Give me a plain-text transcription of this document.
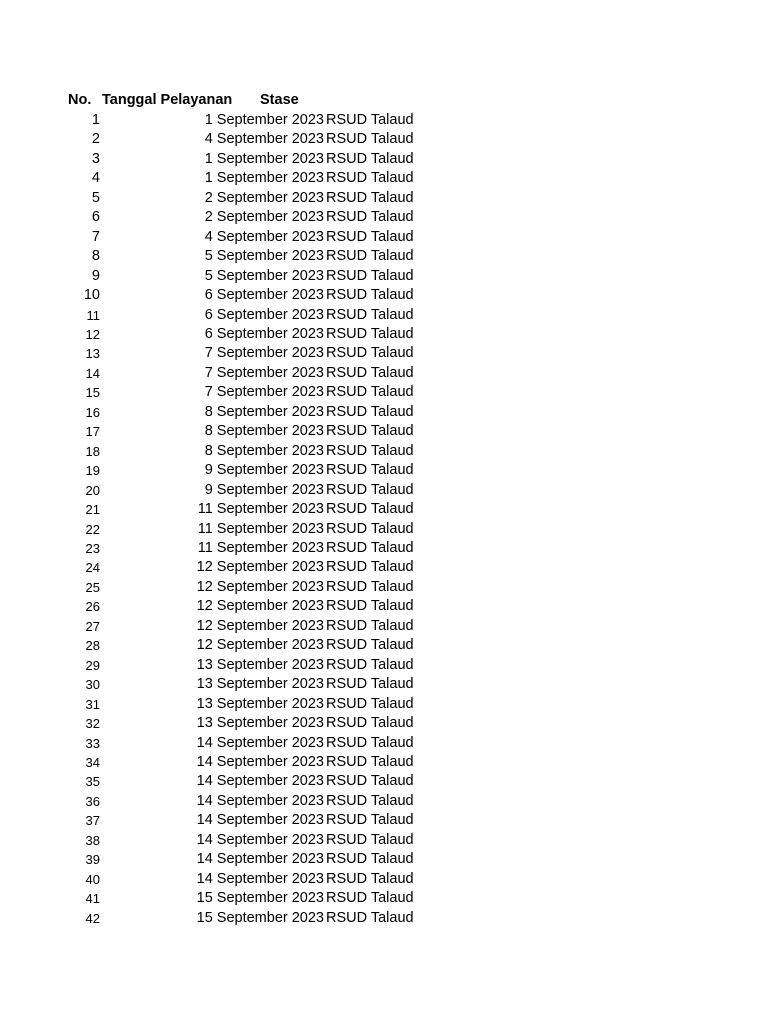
No.	Tanggal Pelayanan	Stase
1	1 September 2023	RSUD Talaud
2	4 September 2023	RSUD Talaud
3	1 September 2023	RSUD Talaud
4	1 September 2023	RSUD Talaud
5	2 September 2023	RSUD Talaud
6	2 September 2023	RSUD Talaud
7	4 September 2023	RSUD Talaud
8	5 September 2023	RSUD Talaud
9	5 September 2023	RSUD Talaud
10	6 September 2023	RSUD Talaud
11	6 September 2023	RSUD Talaud
12	6 September 2023	RSUD Talaud
13	7 September 2023	RSUD Talaud
14	7 September 2023	RSUD Talaud
15	7 September 2023	RSUD Talaud
16	8 September 2023	RSUD Talaud
17	8 September 2023	RSUD Talaud
18	8 September 2023	RSUD Talaud
19	9 September 2023	RSUD Talaud
20	9 September 2023	RSUD Talaud
21	11 September 2023	RSUD Talaud
22	11 September 2023	RSUD Talaud
23	11 September 2023	RSUD Talaud
24	12 September 2023	RSUD Talaud
25	12 September 2023	RSUD Talaud
26	12 September 2023	RSUD Talaud
27	12 September 2023	RSUD Talaud
28	12 September 2023	RSUD Talaud
29	13 September 2023	RSUD Talaud
30	13 September 2023	RSUD Talaud
31	13 September 2023	RSUD Talaud
32	13 September 2023	RSUD Talaud
33	14 September 2023	RSUD Talaud
34	14 September 2023	RSUD Talaud
35	14 September 2023	RSUD Talaud
36	14 September 2023	RSUD Talaud
37	14 September 2023	RSUD Talaud
38	14 September 2023	RSUD Talaud
39	14 September 2023	RSUD Talaud
40	14 September 2023	RSUD Talaud
41	15 September 2023	RSUD Talaud
42	15 September 2023	RSUD Talaud
